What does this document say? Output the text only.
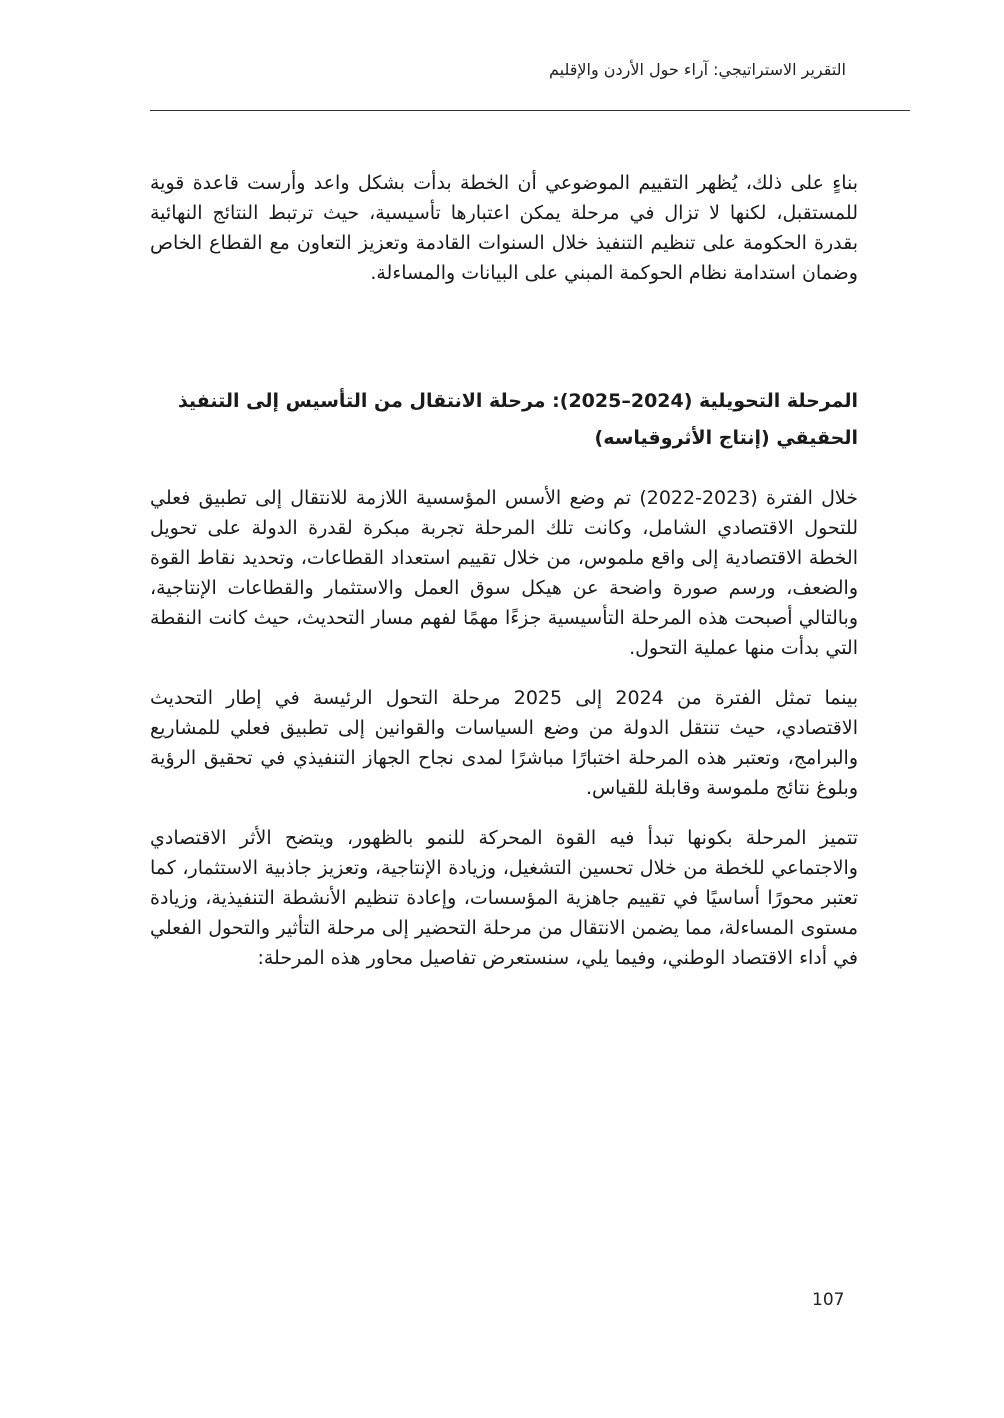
التقرير الاستراتيجي: آراء حول الأردن والإقليم

بناءٍ على ذلك، يُظهر التقييم الموضوعي أن الخطة بدأت بشكل واعد وأرست قاعدة قوية للمستقبل، لكنها لا تزال في مرحلة يمكن اعتبارها تأسيسية، حيث ترتبط النتائج النهائية بقدرة الحكومة على تنظيم التنفيذ خلال السنوات القادمة وتعزيز التعاون مع القطاع الخاص وضمان استدامة نظام الحوكمة المبني على البيانات والمساءلة.

المرحلة التحويلية (2024–2025): مرحلة الانتقال من التأسيس إلى التنفيذ الحقيقي (إنتاج الأثروقياسه)

خلال الفترة (2023-2022) تم وضع الأسس المؤسسية اللازمة للانتقال إلى تطبيق فعلي للتحول الاقتصادي الشامل، وكانت تلك المرحلة تجربة مبكرة لقدرة الدولة على تحويل الخطة الاقتصادية إلى واقع ملموس، من خلال تقييم استعداد القطاعات، وتحديد نقاط القوة والضعف، ورسم صورة واضحة عن هيكل سوق العمل والاستثمار والقطاعات الإنتاجية، وبالتالي أصبحت هذه المرحلة التأسيسية جزءًا مهمًا لفهم مسار التحديث، حيث كانت النقطة التي بدأت منها عملية التحول.

بينما تمثل الفترة من 2024 إلى 2025 مرحلة التحول الرئيسة في إطار التحديث الاقتصادي، حيث تنتقل الدولة من وضع السياسات والقوانين إلى تطبيق فعلي للمشاريع والبرامج، وتعتبر هذه المرحلة اختبارًا مباشرًا لمدى نجاح الجهاز التنفيذي في تحقيق الرؤية وبلوغ نتائج ملموسة وقابلة للقياس.

تتميز المرحلة بكونها تبدأ فيه القوة المحركة للنمو بالظهور، ويتضح الأثر الاقتصادي والاجتماعي للخطة من خلال تحسين التشغيل، وزيادة الإنتاجية، وتعزيز جاذبية الاستثمار، كما تعتبر محورًا أساسيًا في تقييم جاهزية المؤسسات، وإعادة تنظيم الأنشطة التنفيذية، وزيادة مستوى المساءلة، مما يضمن الانتقال من مرحلة التحضير إلى مرحلة التأثير والتحول الفعلي في أداء الاقتصاد الوطني، وفيما يلي، سنستعرض تفاصيل محاور هذه المرحلة:

107
